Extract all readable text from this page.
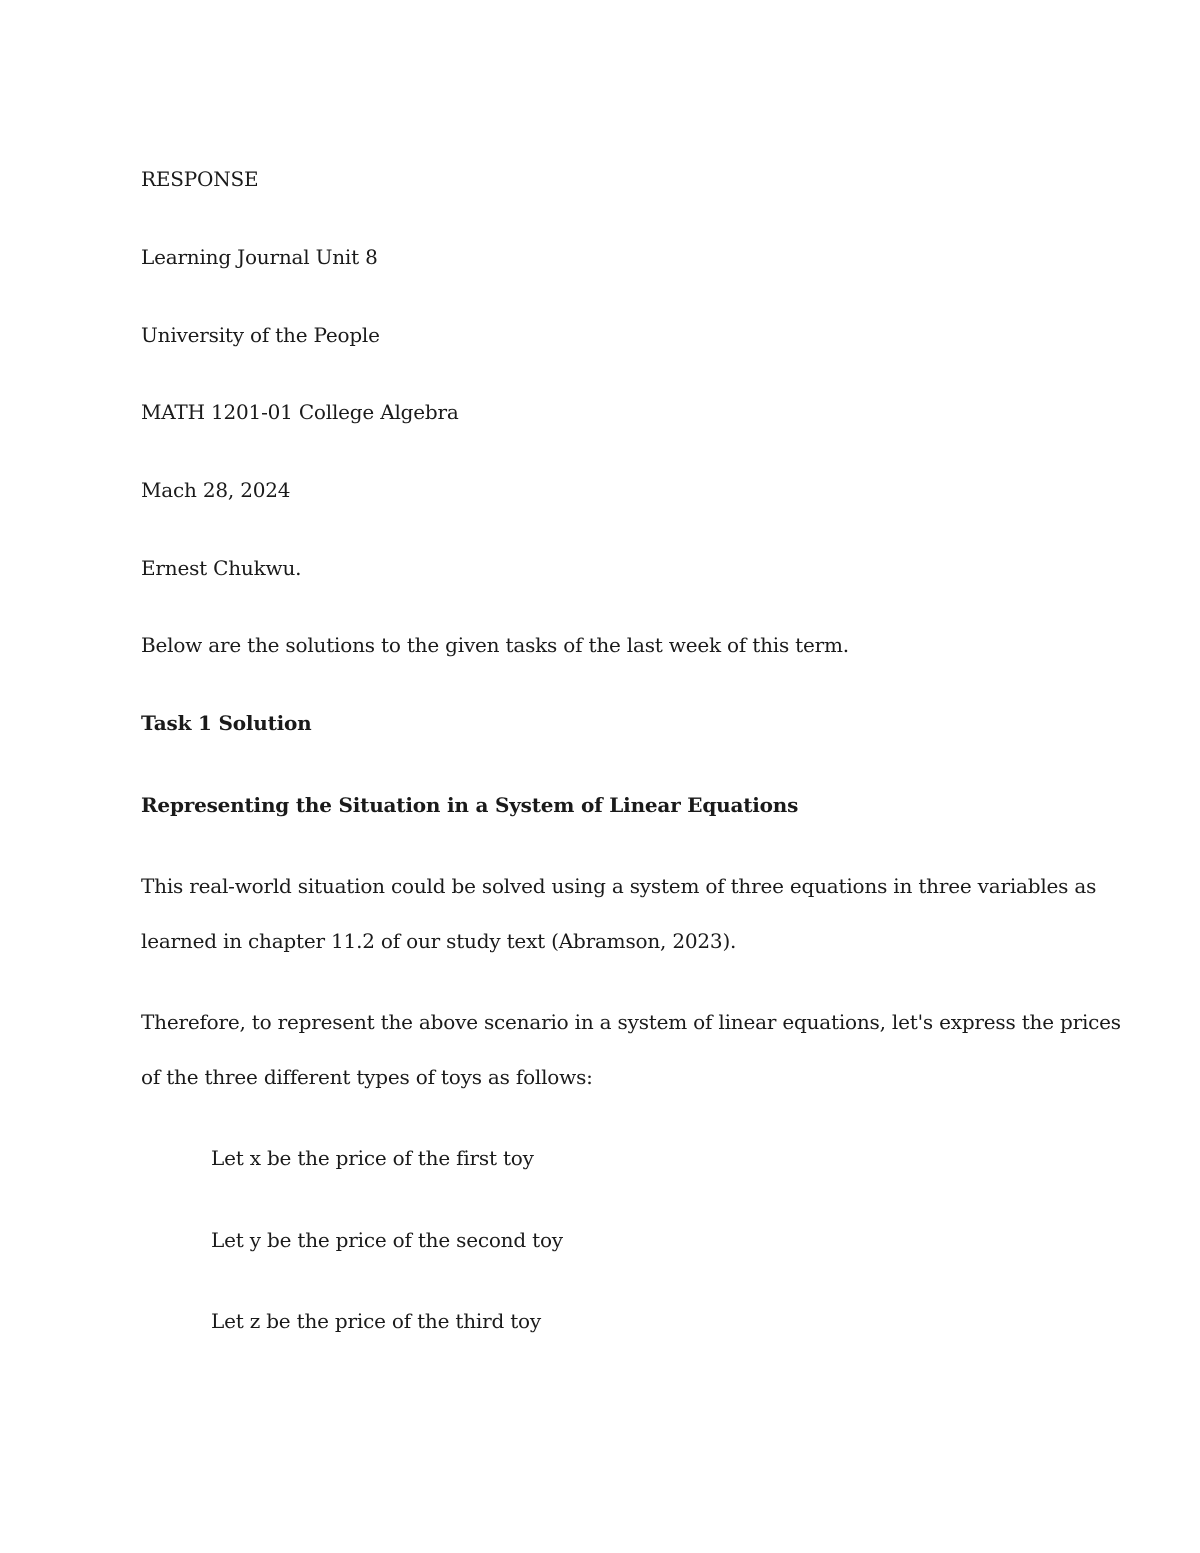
RESPONSE
Learning Journal Unit 8
University of the People
MATH 1201-01 College Algebra
Mach 28, 2024
Ernest Chukwu.
Below are the solutions to the given tasks of the last week of this term.
Task 1 Solution
Representing the Situation in a System of Linear Equations
This real-world situation could be solved using a system of three equations in three variables as
learned in chapter 11.2 of our study text (Abramson, 2023).
Therefore, to represent the above scenario in a system of linear equations, let's express the prices
of the three different types of toys as follows:
Let x be the price of the first toy
Let y be the price of the second toy
Let z be the price of the third toy
